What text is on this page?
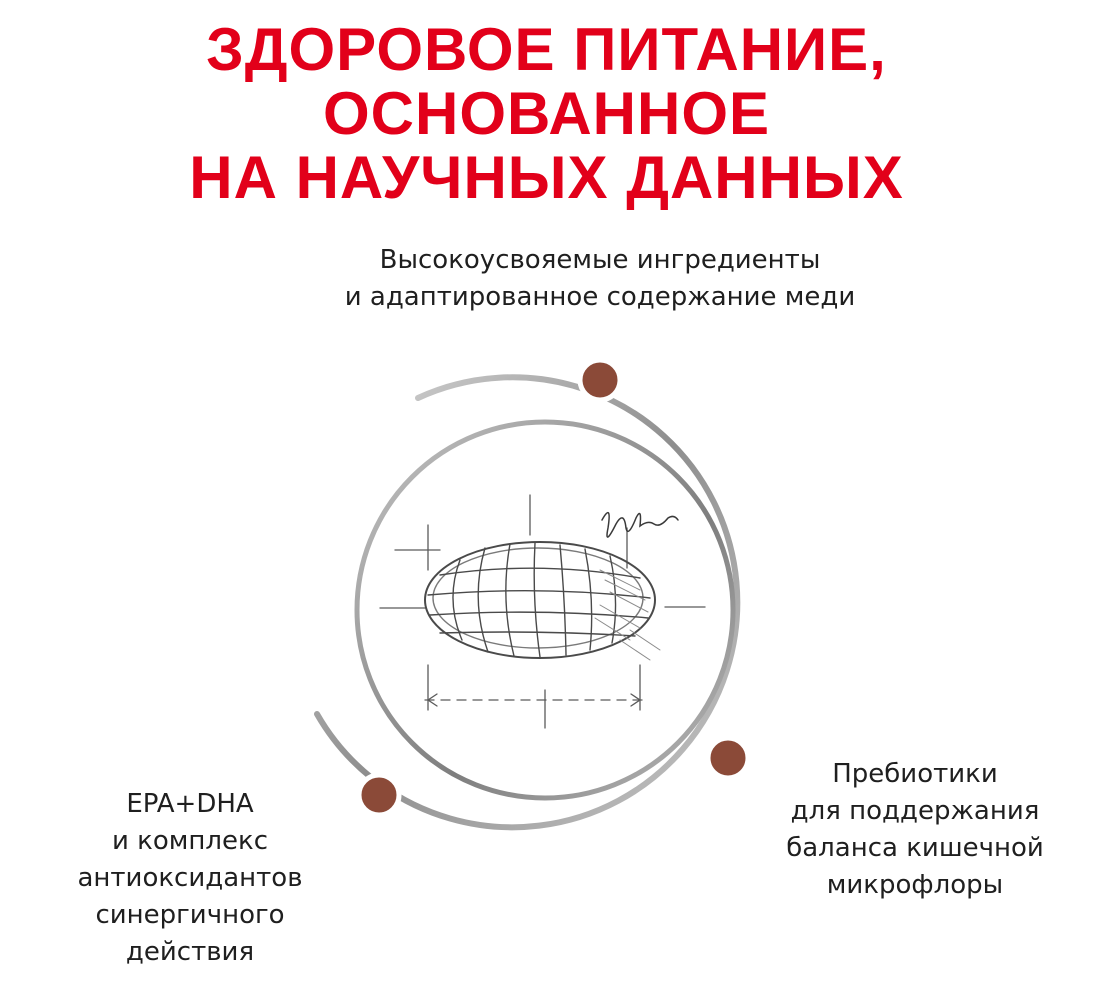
ЗДОРОВОЕ ПИТАНИЕ, ОСНОВАННОЕ
НА НАУЧНЫХ ДАННЫХ

Высокоусвояемые ингредиенты
и адаптированное содержание меди

Пребиотики
для поддержания
баланса кишечной
микрофлоры

EPA+DHA
и комплекс
антиоксидантов
синергичного
действия
